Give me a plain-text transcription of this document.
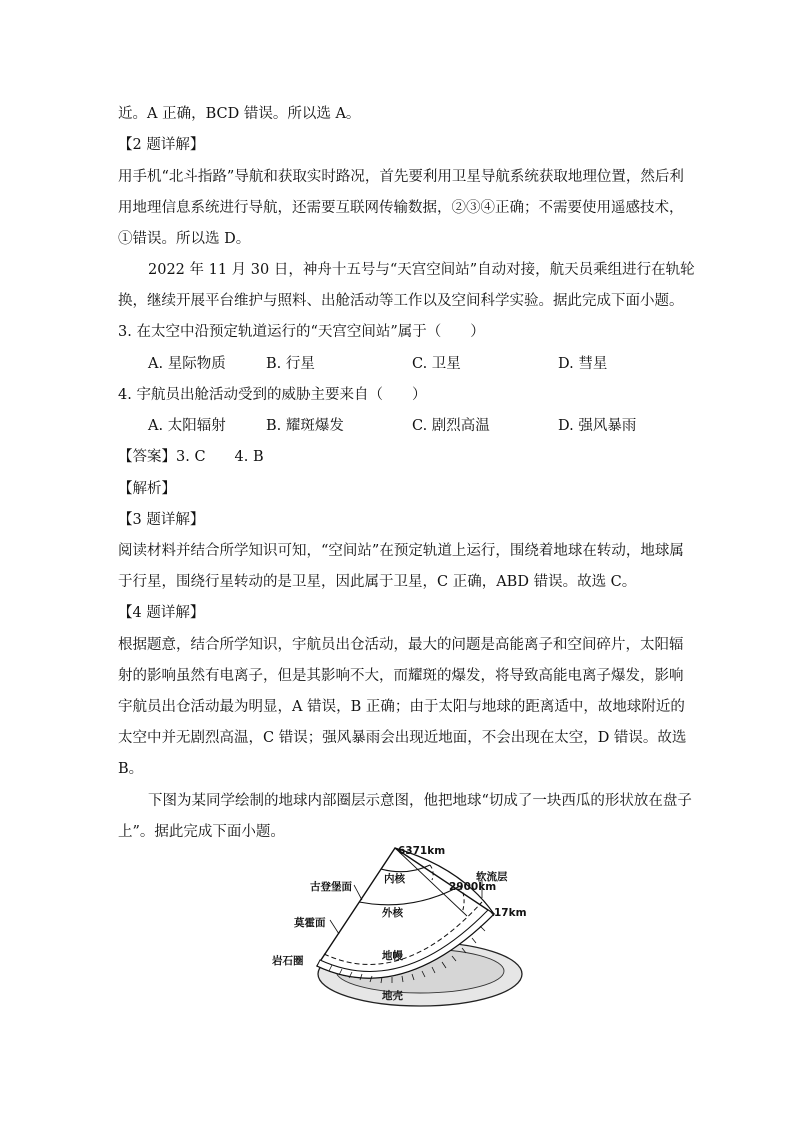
近。A 正确，BCD 错误。所以选 A。
【2 题详解】
用手机“北斗指路”导航和获取实时路况，首先要利用卫星导航系统获取地理位置，然后利
用地理信息系统进行导航，还需要互联网传输数据，②③④正确；不需要使用遥感技术，
①错误。所以选 D。
2022 年 11 月 30 日，神舟十五号与“天宫空间站”自动对接，航天员乘组进行在轨轮
换，继续开展平台维护与照料、出舱活动等工作以及空间科学实验。据此完成下面小题。
3. 在太空中沿预定轨道运行的“天宫空间站”属于（　　）
A. 星际物质	B. 行星	C. 卫星	D. 彗星
4. 宇航员出舱活动受到的威胁主要来自（　　）
A. 太阳辐射	B. 耀斑爆发	C. 剧烈高温	D. 强风暴雨
【答案】3. C　　4. B
【解析】
【3 题详解】
阅读材料并结合所学知识可知，“空间站”在预定轨道上运行，围绕着地球在转动，地球属
于行星，围绕行星转动的是卫星，因此属于卫星，C 正确，ABD 错误。故选 C。
【4 题详解】
根据题意，结合所学知识，宇航员出仓活动，最大的问题是高能离子和空间碎片，太阳辐
射的影响虽然有电离子，但是其影响不大，而耀斑的爆发，将导致高能电离子爆发，影响
宇航员出仓活动最为明显，A 错误，B 正确；由于太阳与地球的距离适中，故地球附近的
太空中并无剧烈高温，C 错误；强风暴雨会出现近地面，不会出现在太空，D 错误。故选
B。
下图为某同学绘制的地球内部圈层示意图，他把地球“切成了一块西瓜的形状放在盘子
上”。据此完成下面小题。
6371km
内核
古登堡面	2900km
软流层
外核
莫霍面
17km
地幔
岩石圈
地壳
